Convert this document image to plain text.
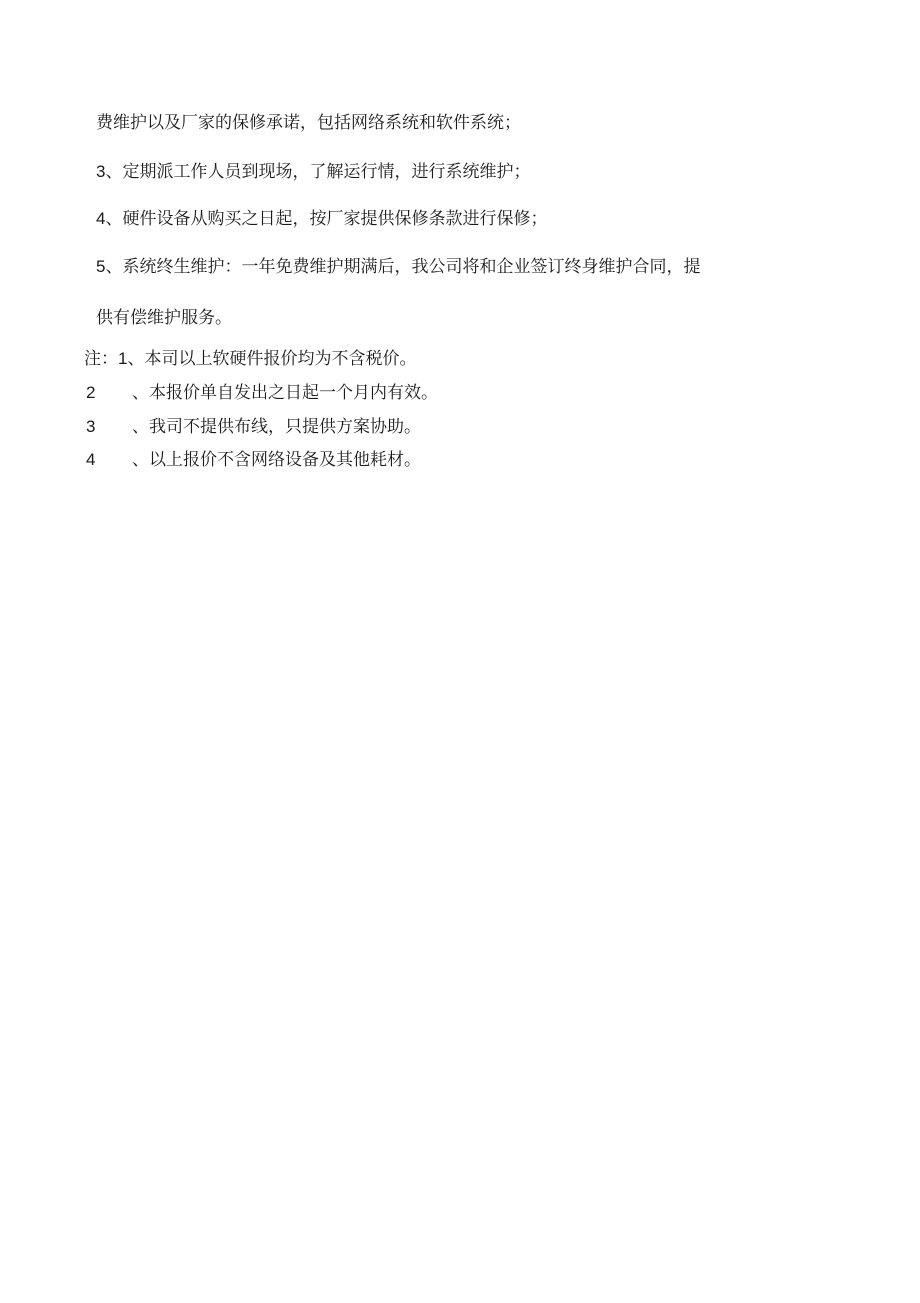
费维护以及厂家的保修承诺，包括网络系统和软件系统；
3、定期派工作人员到现场，了解运行情，进行系统维护；
4、硬件设备从购买之日起，按厂家提供保修条款进行保修；
5、系统终生维护：一年免费维护期满后，我公司将和企业签订终身维护合同，提
供有偿维护服务。
注：1、本司以上软硬件报价均为不含税价。
2 、本报价单自发出之日起一个月内有效。
3 、我司不提供布线，只提供方案协助。
4 、以上报价不含网络设备及其他耗材。
